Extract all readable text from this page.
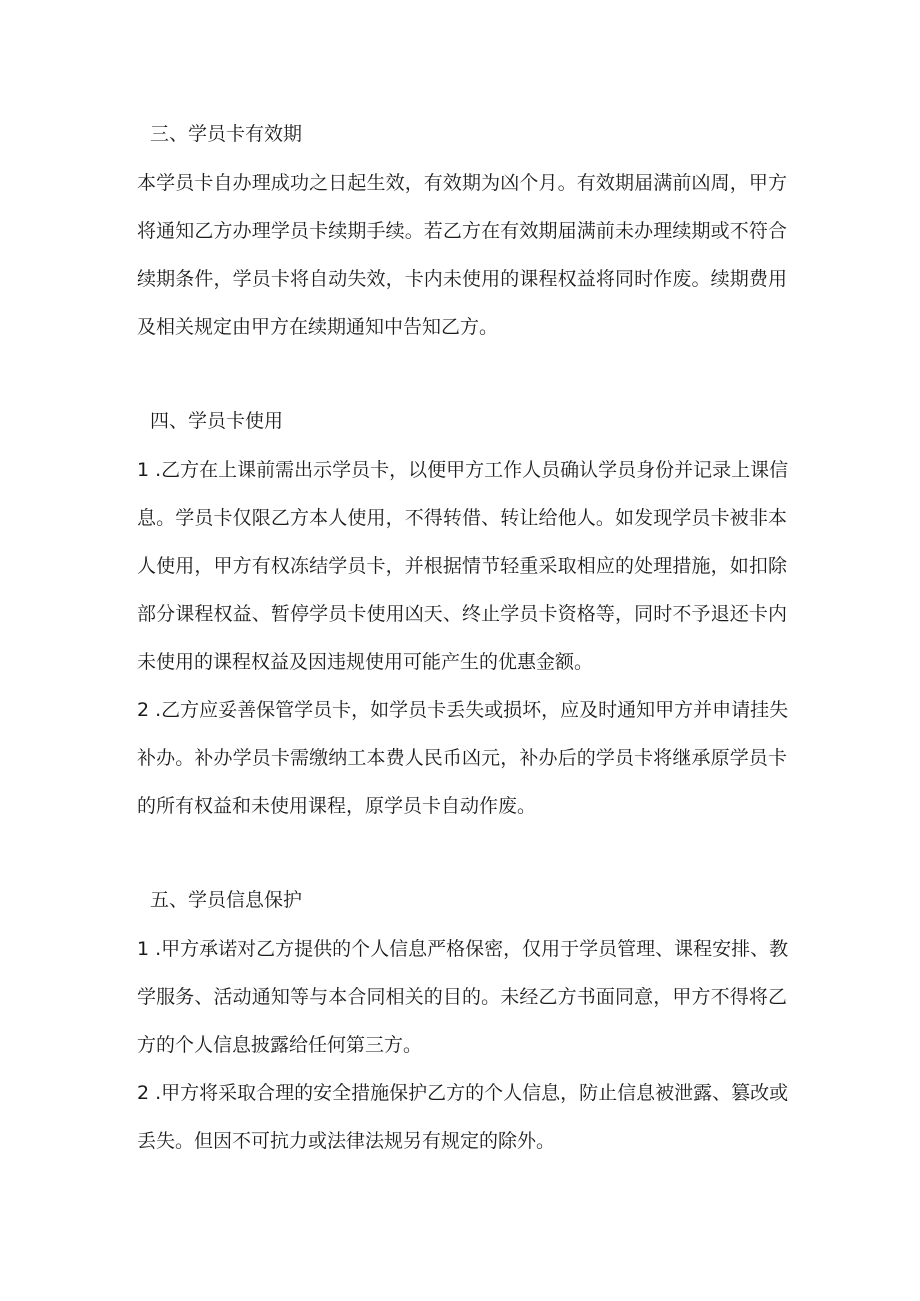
三、学员卡有效期
本学员卡自办理成功之日起生效，有效期为凶个月。有效期届满前凶周，甲方
将通知乙方办理学员卡续期手续。若乙方在有效期届满前未办理续期或不符合
续期条件，学员卡将自动失效，卡内未使用的课程权益将同时作废。续期费用
及相关规定由甲方在续期通知中告知乙方。
四、学员卡使用
1 .乙方在上课前需出示学员卡，以便甲方工作人员确认学员身份并记录上课信
息。学员卡仅限乙方本人使用，不得转借、转让给他人。如发现学员卡被非本
人使用，甲方有权冻结学员卡，并根据情节轻重采取相应的处理措施，如扣除
部分课程权益、暂停学员卡使用凶天、终止学员卡资格等，同时不予退还卡内
未使用的课程权益及因违规使用可能产生的优惠金额。
2 .乙方应妥善保管学员卡，如学员卡丢失或损坏，应及时通知甲方并申请挂失
补办。补办学员卡需缴纳工本费人民币凶元，补办后的学员卡将继承原学员卡
的所有权益和未使用课程，原学员卡自动作废。
五、学员信息保护
1 .甲方承诺对乙方提供的个人信息严格保密，仅用于学员管理、课程安排、教
学服务、活动通知等与本合同相关的目的。未经乙方书面同意，甲方不得将乙
方的个人信息披露给任何第三方。
2 .甲方将采取合理的安全措施保护乙方的个人信息，防止信息被泄露、篡改或
丢失。但因不可抗力或法律法规另有规定的除外。
